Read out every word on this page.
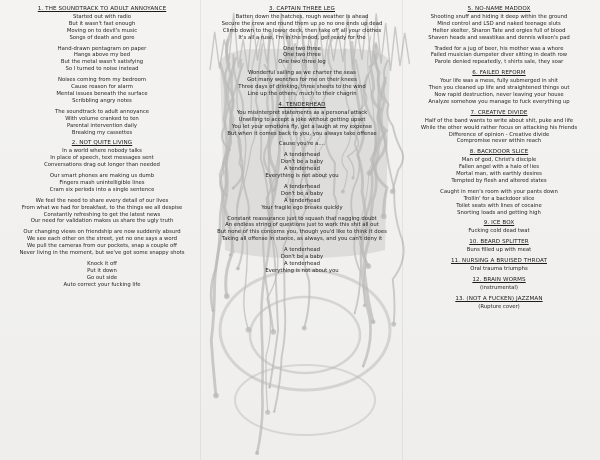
1. THE SOUNDTRACK TO ADULT ANNOYANCE
Started out with radio
But it wasn't fast enough
Moving on to devil's music
Songs of death and gore
Hand-drawn pentagram on paper
Hangs above my bed
But the metal wasn't satisfying
So I turned to noise instead
Noises coming from my bedroom
Cause reason for alarm
Mental issues beneath the surface
Scribbling angry notes
The soundtrack to adult annoyance
With volume cranked to ten
Parental intervention daily
Breaking my cassettes
2. NOT QUITE LIVING
In a world where nobody talks
In place of speech, text messages sent
Conversations drag out longer than needed
Our smart phones are making us dumb
Fingers mash unintelligible lines
Cram six periods into a single sentence
We feel the need to share every detail of our lives
From what we had for breakfast, to the things we all despise
Constantly refreshing to get the latest news
Our need for validation makes us share the ugly truth
Our changing views on friendship are now suddenly absurd
We see each other on the street, yet no one says a word
We pull the cameras from our pockets, snap a couple off
Never living in the moment, but we've got some snappy shots
Knock it off
Put it down
Go out side
Auto correct your fucking life
3. CAPTAIN THREE LEG
Batten down the hatches, rough weather is ahead
Secure the crew and round them up so no one ends up dead
Climb down to the lower deck, then take off all your clothes
It's all a ruse, I'm in the mood, get ready for the
One two three
One two three
One two three leg
Wonderful sailing as we charter the seas
Got many wenches for me on their knees
Three days of drinking, three sheets to the wind
Line up the others, much to their chagrin
4. TENDERHEAD
You misinterpret statements as a personal attack
Unwilling to accept a joke without getting upset
You let your emotions fly, get a laugh at my expense
But when it comes back to you, you always take offense
Cause you're a....
A tenderhead
Don't be a baby
A tenderhead
Everything is not about you
A tenderhead
Don't be a baby
A tenderhead
Your fragile ego breaks quickly
Constant reassurance just to squash that nagging doubt
An endless string of questions just to work this shit all out
But none of this concerns you, though you'd like to think it does
Taking all offense in stance, as always, and you can't deny it
A tenderhead
Don't be a baby
A tenderhead
Everything is not about you
5. NO-NAME MADDOX
Shooting snuff and hiding it deep within the ground
Mind control and LSD and naked teenage sluts
Helter skelter, Sharon Tate and orgies full of blood
Shaven heads and swastikas and dennis wilson's pad
Traded for a jug of beer, his mother was a whore
Failed musician dumpster diver sitting in death row
Parole denied repeatedly, t shirts sale, they soar
6. FAILED REFORM
Your life was a mess, fully submerged in shit
Then you cleaned up life and straightened things out
Now rapid destruction, never leaving your house
Analyze somehow you manage to fuck everything up
7. CREATIVE DIVIDE
Half of the band wants to write about shit, puke and life
While the other would rather focus on attacking his friends
Difference of opinion - Creative divide
Compromise never within reach
8. BACKDOOR SLICE
Man of god, Christ's disciple
Fallen angel with a halo of lies
Mortal man, with earthly desires
Tempted by flesh and altered states
Caught in men's room with your pants down
Trollin' for a backdoor slice
Toilet seats with lines of cocaine
Snorting loads and getting high
9. ICE BOX
Fucking cold dead twat
10. BEARD SPLITTER
Buns filled up with meat
11. NURSING A BRUISED THROAT
Oral trauma triumphs
12. BRAIN WORMS
(instrumental)
13. (NOT A FUCKEN) JAZZMAN
(Rupture cover)
